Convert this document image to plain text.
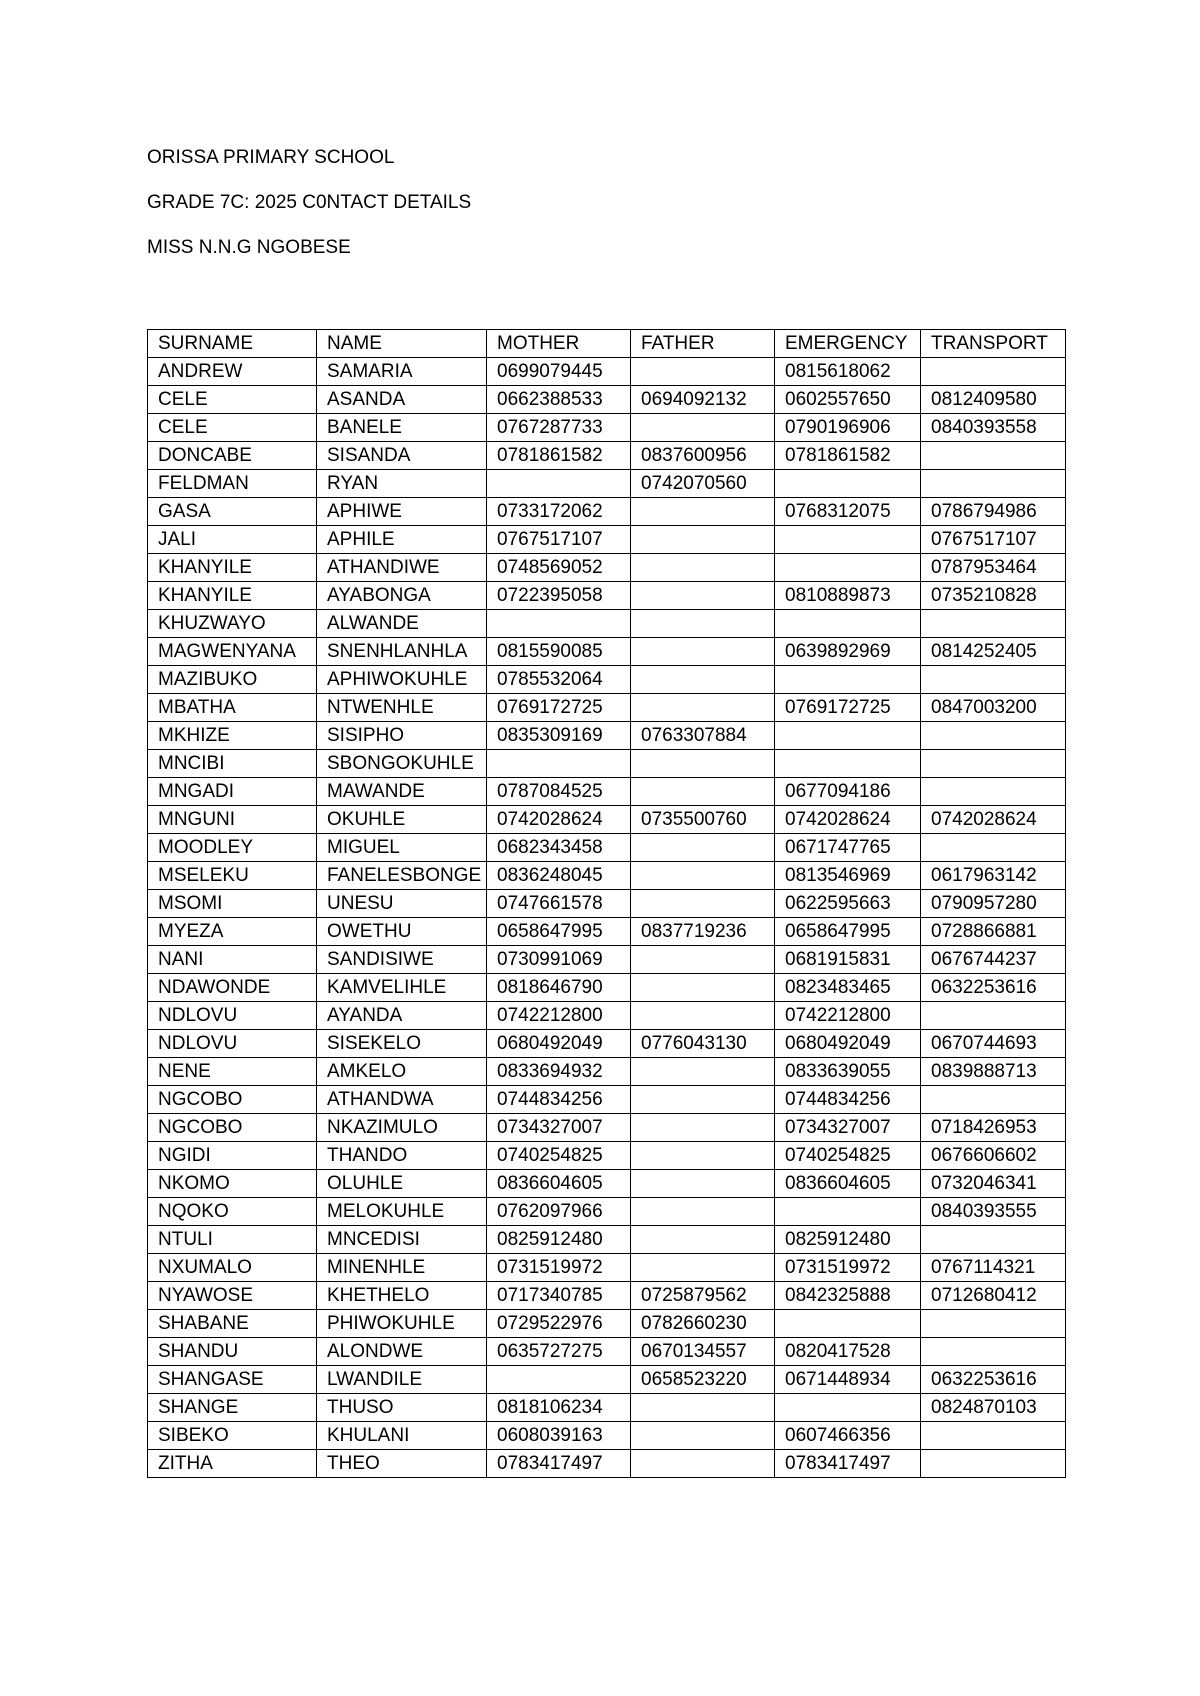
ORISSA PRIMARY SCHOOL
GRADE 7C: 2025 C0NTACT DETAILS
MISS N.N.G NGOBESE
SURNAME	NAME	MOTHER	FATHER	EMERGENCY	TRANSPORT
ANDREW	SAMARIA	0699079445		0815618062	
CELE	ASANDA	0662388533	0694092132	0602557650	0812409580
CELE	BANELE	0767287733		0790196906	0840393558
DONCABE	SISANDA	0781861582	0837600956	0781861582	
FELDMAN	RYAN		0742070560		
GASA	APHIWE	0733172062		0768312075	0786794986
JALI	APHILE	0767517107			0767517107
KHANYILE	ATHANDIWE	0748569052			0787953464
KHANYILE	AYABONGA	0722395058		0810889873	0735210828
KHUZWAYO	ALWANDE				
MAGWENYANA	SNENHLANHLA	0815590085		0639892969	0814252405
MAZIBUKO	APHIWOKUHLE	0785532064			
MBATHA	NTWENHLE	0769172725		0769172725	0847003200
MKHIZE	SISIPHO	0835309169	0763307884		
MNCIBI	SBONGOKUHLE				
MNGADI	MAWANDE	0787084525		0677094186	
MNGUNI	OKUHLE	0742028624	0735500760	0742028624	0742028624
MOODLEY	MIGUEL	0682343458		0671747765	
MSELEKU	FANELESBONGE	0836248045		0813546969	0617963142
MSOMI	UNESU	0747661578		0622595663	0790957280
MYEZA	OWETHU	0658647995	0837719236	0658647995	0728866881
NANI	SANDISIWE	0730991069		0681915831	0676744237
NDAWONDE	KAMVELIHLE	0818646790		0823483465	0632253616
NDLOVU	AYANDA	0742212800		0742212800	
NDLOVU	SISEKELO	0680492049	0776043130	0680492049	0670744693
NENE	AMKELO	0833694932		0833639055	0839888713
NGCOBO	ATHANDWA	0744834256		0744834256	
NGCOBO	NKAZIMULO	0734327007		0734327007	0718426953
NGIDI	THANDO	0740254825		0740254825	0676606602
NKOMO	OLUHLE	0836604605		0836604605	0732046341
NQOKO	MELOKUHLE	0762097966			0840393555
NTULI	MNCEDISI	0825912480		0825912480	
NXUMALO	MINENHLE	0731519972		0731519972	0767114321
NYAWOSE	KHETHELO	0717340785	0725879562	0842325888	0712680412
SHABANE	PHIWOKUHLE	0729522976	0782660230		
SHANDU	ALONDWE	0635727275	0670134557	0820417528	
SHANGASE	LWANDILE		0658523220	0671448934	0632253616
SHANGE	THUSO	0818106234			0824870103
SIBEKO	KHULANI	0608039163		0607466356	
ZITHA	THEO	0783417497		0783417497	
